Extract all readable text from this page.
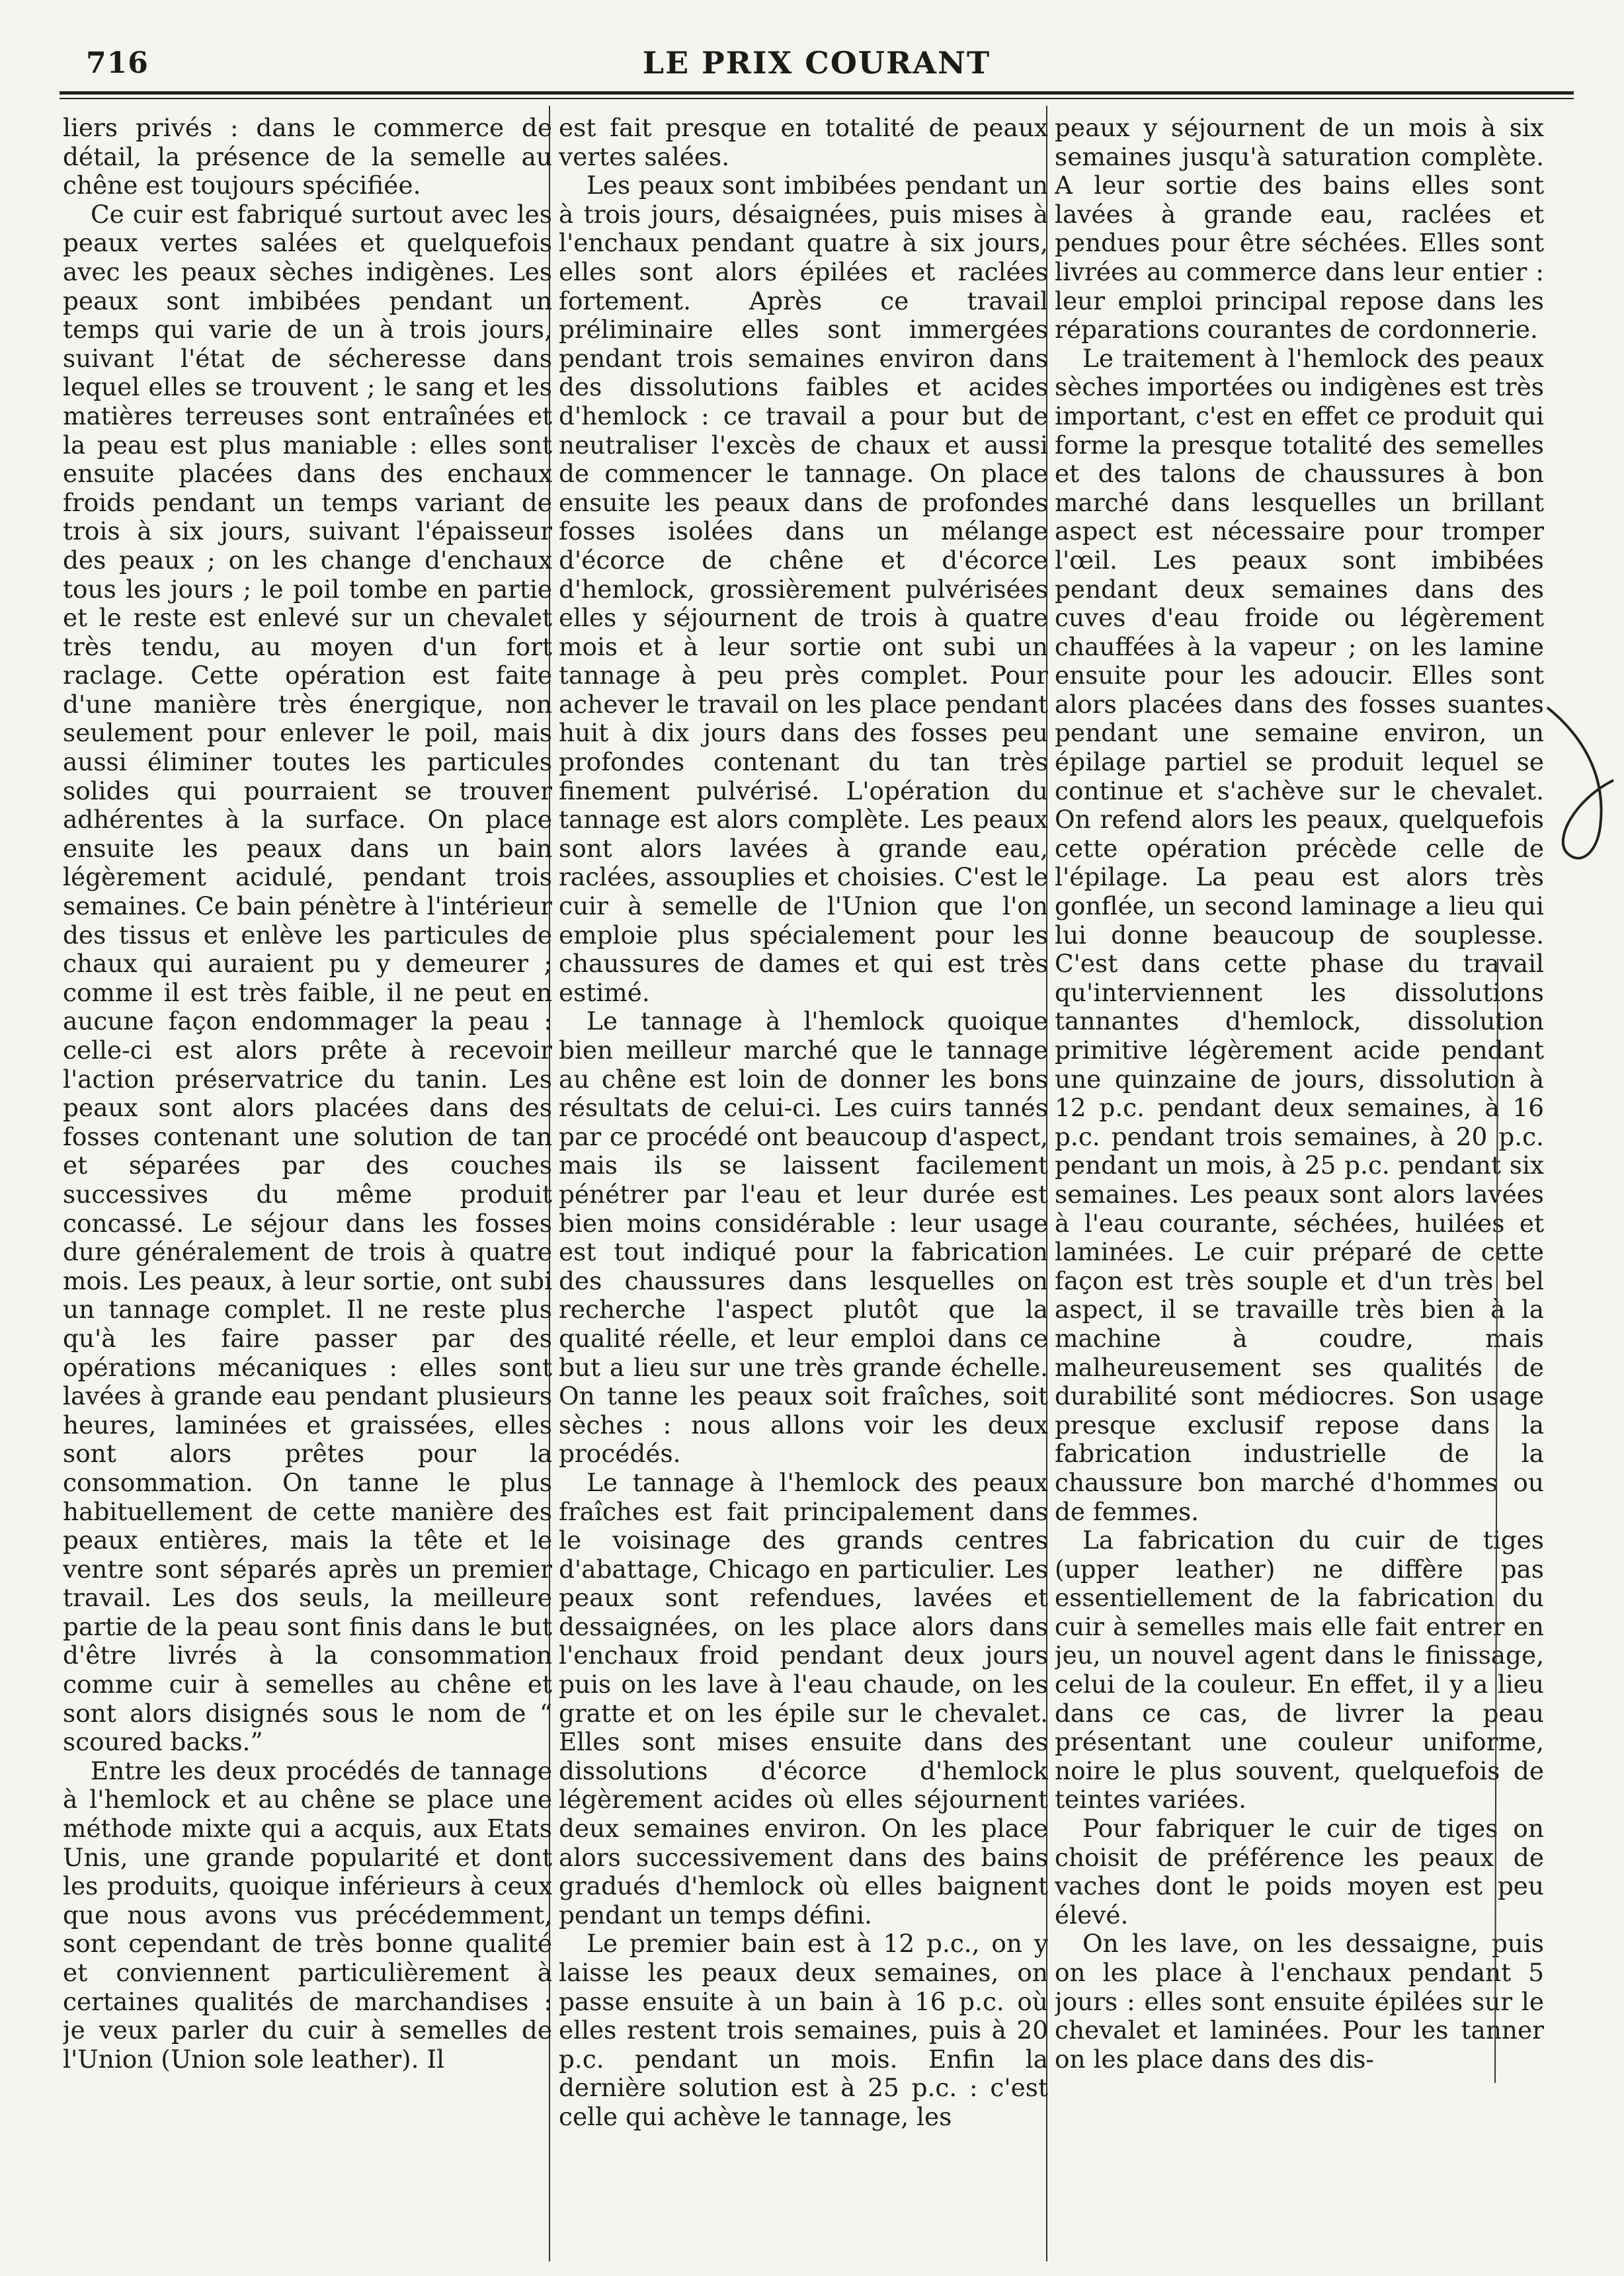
716	LE PRIX COURANT

liers privés : dans le commerce de détail, la présence de la semelle au chêne est toujours spécifiée.

Ce cuir est fabriqué surtout avec les peaux vertes salées et quelquefois avec les peaux sèches indigènes. Les peaux sont imbibées pendant un temps qui varie de un à trois jours, suivant l'état de sécheresse dans lequel elles se trouvent ; le sang et les matières terreuses sont entraînées et la peau est plus maniable : elles sont ensuite placées dans des enchaux froids pendant un temps variant de trois à six jours, suivant l'épaisseur des peaux ; on les change d'enchaux tous les jours ; le poil tombe en partie et le reste est enlevé sur un chevalet très tendu, au moyen d'un fort raclage. Cette opération est faite d'une manière très énergique, non seulement pour enlever le poil, mais aussi éliminer toutes les particules solides qui pourraient se trouver adhérentes à la surface. On place ensuite les peaux dans un bain légèrement acidulé, pendant trois semaines. Ce bain pénètre à l'intérieur des tissus et enlève les particules de chaux qui auraient pu y demeurer ; comme il est très faible, il ne peut en aucune façon endommager la peau : celle-ci est alors prête à recevoir l'action préservatrice du tanin. Les peaux sont alors placées dans des fosses contenant une solution de tan et séparées par des couches successives du même produit concassé. Le séjour dans les fosses dure généralement de trois à quatre mois. Les peaux, à leur sortie, ont subi un tannage complet. Il ne reste plus qu'à les faire passer par des opérations mécaniques : elles sont lavées à grande eau pendant plusieurs heures, laminées et graissées, elles sont alors prêtes pour la consommation. On tanne le plus habituellement de cette manière des peaux entières, mais la tête et le ventre sont séparés après un premier travail. Les dos seuls, la meilleure partie de la peau sont finis dans le but d'être livrés à la consommation comme cuir à semelles au chêne et sont alors disignés sous le nom de “ scoured backs.”

Entre les deux procédés de tannage à l'hemlock et au chêne se place une méthode mixte qui a acquis, aux Etats Unis, une grande popularité et dont les produits, quoique inférieurs à ceux que nous avons vus précédemment, sont cependant de très bonne qualité et conviennent particulièrement à certaines qualités de marchandises : je veux parler du cuir à semelles de l'Union (Union sole leather). Il

est fait presque en totalité de peaux vertes salées.

Les peaux sont imbibées pendant un à trois jours, désaignées, puis mises à l'enchaux pendant quatre à six jours, elles sont alors épilées et raclées fortement. Après ce travail préliminaire elles sont immergées pendant trois semaines environ dans des dissolutions faibles et acides d'hemlock : ce travail a pour but de neutraliser l'excès de chaux et aussi de commencer le tannage. On place ensuite les peaux dans de profondes fosses isolées dans un mélange d'écorce de chêne et d'écorce d'hemlock, grossièrement pulvérisées elles y séjournent de trois à quatre mois et à leur sortie ont subi un tannage à peu près complet. Pour achever le travail on les place pendant huit à dix jours dans des fosses peu profondes contenant du tan très finement pulvérisé. L'opération du tannage est alors complète. Les peaux sont alors lavées à grande eau, raclées, assouplies et choisies. C'est le cuir à semelle de l'Union que l'on emploie plus spécialement pour les chaussures de dames et qui est très estimé.

Le tannage à l'hemlock quoique bien meilleur marché que le tannage au chêne est loin de donner les bons résultats de celui-ci. Les cuirs tannés par ce procédé ont beaucoup d'aspect, mais ils se laissent facilement pénétrer par l'eau et leur durée est bien moins considérable : leur usage est tout indiqué pour la fabrication des chaussures dans lesquelles on recherche l'aspect plutôt que la qualité réelle, et leur emploi dans ce but a lieu sur une très grande échelle. On tanne les peaux soit fraîches, soit sèches : nous allons voir les deux procédés.

Le tannage à l'hemlock des peaux fraîches est fait principalement dans le voisinage des grands centres d'abattage, Chicago en particulier. Les peaux sont refendues, lavées et dessaignées, on les place alors dans l'enchaux froid pendant deux jours puis on les lave à l'eau chaude, on les gratte et on les épile sur le chevalet. Elles sont mises ensuite dans des dissolutions d'écorce d'hemlock légèrement acides où elles séjournent deux semaines environ. On les place alors successivement dans des bains gradués d'hemlock où elles baignent pendant un temps défini.

Le premier bain est à 12 p.c., on y laisse les peaux deux semaines, on passe ensuite à un bain à 16 p.c. où elles restent trois semaines, puis à 20 p.c. pendant un mois. Enfin la dernière solution est à 25 p.c. : c'est celle qui achève le tannage, les

peaux y séjournent de un mois à six semaines jusqu'à saturation complète. A leur sortie des bains elles sont lavées à grande eau, raclées et pendues pour être séchées. Elles sont livrées au commerce dans leur entier : leur emploi principal repose dans les réparations courantes de cordonnerie.

Le traitement à l'hemlock des peaux sèches importées ou indigènes est très important, c'est en effet ce produit qui forme la presque totalité des semelles et des talons de chaussures à bon marché dans lesquelles un brillant aspect est nécessaire pour tromper l'œil. Les peaux sont imbibées pendant deux semaines dans des cuves d'eau froide ou légèrement chauffées à la vapeur ; on les lamine ensuite pour les adoucir. Elles sont alors placées dans des fosses suantes pendant une semaine environ, un épilage partiel se produit lequel se continue et s'achève sur le chevalet. On refend alors les peaux, quelquefois cette opération précède celle de l'épilage. La peau est alors très gonflée, un second laminage a lieu qui lui donne beaucoup de souplesse. C'est dans cette phase du travail qu'interviennent les dissolutions tannantes d'hemlock, dissolution primitive légèrement acide pendant une quinzaine de jours, dissolution à 12 p.c. pendant deux semaines, à 16 p.c. pendant trois semaines, à 20 p.c. pendant un mois, à 25 p.c. pendant six semaines. Les peaux sont alors lavées à l'eau courante, séchées, huilées et laminées. Le cuir préparé de cette façon est très souple et d'un très bel aspect, il se travaille très bien à la machine à coudre, mais malheureusement ses qualités de durabilité sont médiocres. Son usage presque exclusif repose dans la fabrication industrielle de la chaussure bon marché d'hommes ou de femmes.

La fabrication du cuir de tiges (upper leather) ne diffère pas essentiellement de la fabrication du cuir à semelles mais elle fait entrer en jeu, un nouvel agent dans le finissage, celui de la couleur. En effet, il y a lieu dans ce cas, de livrer la peau présentant une couleur uniforme, noire le plus souvent, quelquefois de teintes variées.

Pour fabriquer le cuir de tiges on choisit de préférence les peaux de vaches dont le poids moyen est peu élevé.

On les lave, on les dessaigne, puis on les place à l'enchaux pendant 5 jours : elles sont ensuite épilées sur le chevalet et laminées. Pour les tanner on les place dans des dis-
